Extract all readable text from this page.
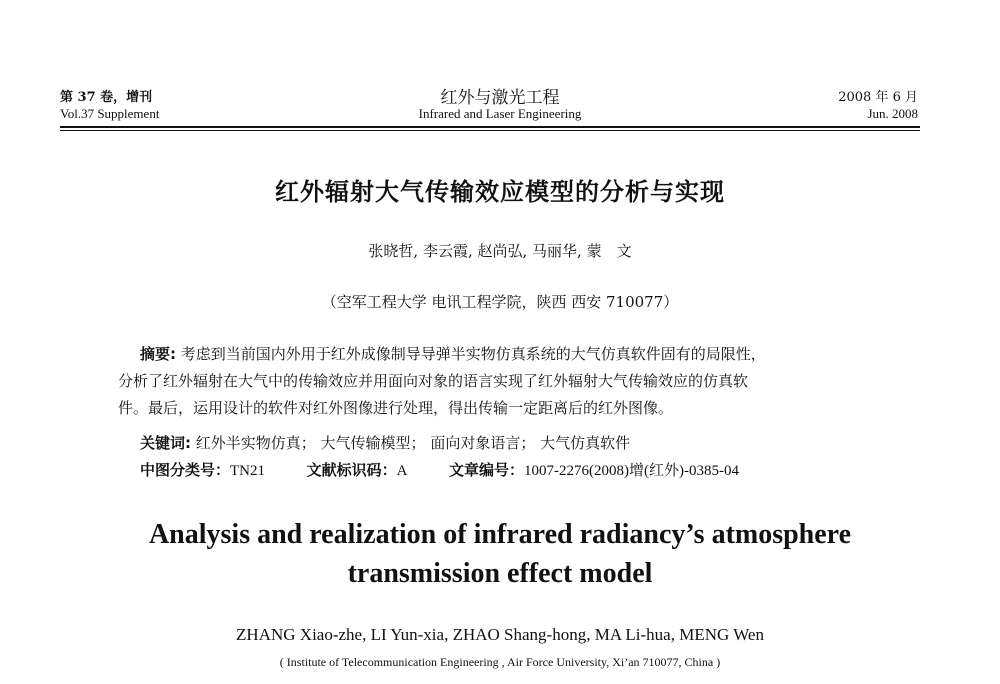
第 37 卷，增刊
Vol.37 Supplement
红外与激光工程
Infrared and Laser Engineering
2008 年 6 月
Jun. 2008
红外辐射大气传输效应模型的分析与实现
张晓哲, 李云霞, 赵尚弘, 马丽华, 蒙　文
（空军工程大学 电讯工程学院，陕西 西安 710077）

摘要: 考虑到当前国内外用于红外成像制导导弹半实物仿真系统的大气仿真软件固有的局限性，

分析了红外辐射在大气中的传输效应并用面向对象的语言实现了红外辐射大气传输效应的仿真软

件。最后，运用设计的软件对红外图像进行处理，得出传输一定距离后的红外图像。

关键词: 红外半实物仿真； 大气传输模型； 面向对象语言； 大气仿真软件
中图分类号：TN21	文献标识码：A	文章编号：1007-2276(2008)增(红外)-0385-04
Analysis and realization of infrared radiancy’s atmosphere
transmission effect model
ZHANG Xiao-zhe, LI Yun-xia, ZHAO Shang-hong, MA Li-hua, MENG Wen
( Institute of Telecommunication Engineering , Air Force University, Xi’an 710077, China )
